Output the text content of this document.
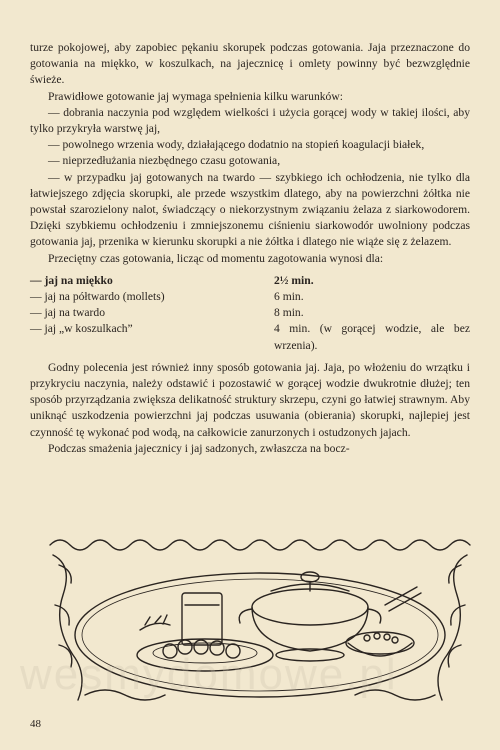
turze pokojowej, aby zapobiec pękaniu skorupek podczas gotowania. Jaja przeznaczone do gotowania na miękko, w koszulkach, na jajecznicę i omlety powinny być bezwzględnie świeże.

Prawidłowe gotowanie jaj wymaga spełnienia kilku warunków:

— dobrania naczynia pod względem wielkości i użycia gorącej wody w takiej ilości, aby tylko przykryła warstwę jaj,

— powolnego wrzenia wody, działającego dodatnio na stopień koagulacji białek,

— nieprzedłużania niezbędnego czasu gotowania,

— w przypadku jaj gotowanych na twardo — szybkiego ich ochłodzenia, nie tylko dla łatwiejszego zdjęcia skorupki, ale przede wszystkim dlatego, aby na powierzchni żółtka nie powstał szarozielony nalot, świadczący o niekorzystnym związaniu żelaza z siarkowodorem. Dzięki szybkiemu ochłodzeniu i zmniejszonemu ciśnieniu siarkowodór uwolniony podczas gotowania jaj, przenika w kierunku skorupki a nie żółtka i dlatego nie wiąże się z żelazem.

Przeciętny czas gotowania, licząc od momentu zagotowania wynosi dla:

— jaj na miękko	2½ min.
— jaj na półtwardo (mollets)	6 min.
— jaj na twardo	8 min.
— jaj „w koszulkach”	4 min. (w gorącej wodzie, ale bez wrzenia).

Godny polecenia jest również inny sposób gotowania jaj. Jaja, po włożeniu do wrzątku i przykryciu naczynia, należy odstawić i pozostawić w gorącej wodzie dwukrotnie dłużej; ten sposób przyrządzania zwiększa delikatność struktury skrzepu, czyni go łatwiej strawnym. Aby uniknąć uszkodzenia powierzchni jaj podczas usuwania (obierania) skorupki, najlepiej jest czynność tę wykonać pod wodą, na całkowicie zanurzonych i ostudzonych jajach.

Podczas smażenia jajecznicy i jaj sadzonych, zwłaszcza na bocz-

wesmydomowe.pl
48
